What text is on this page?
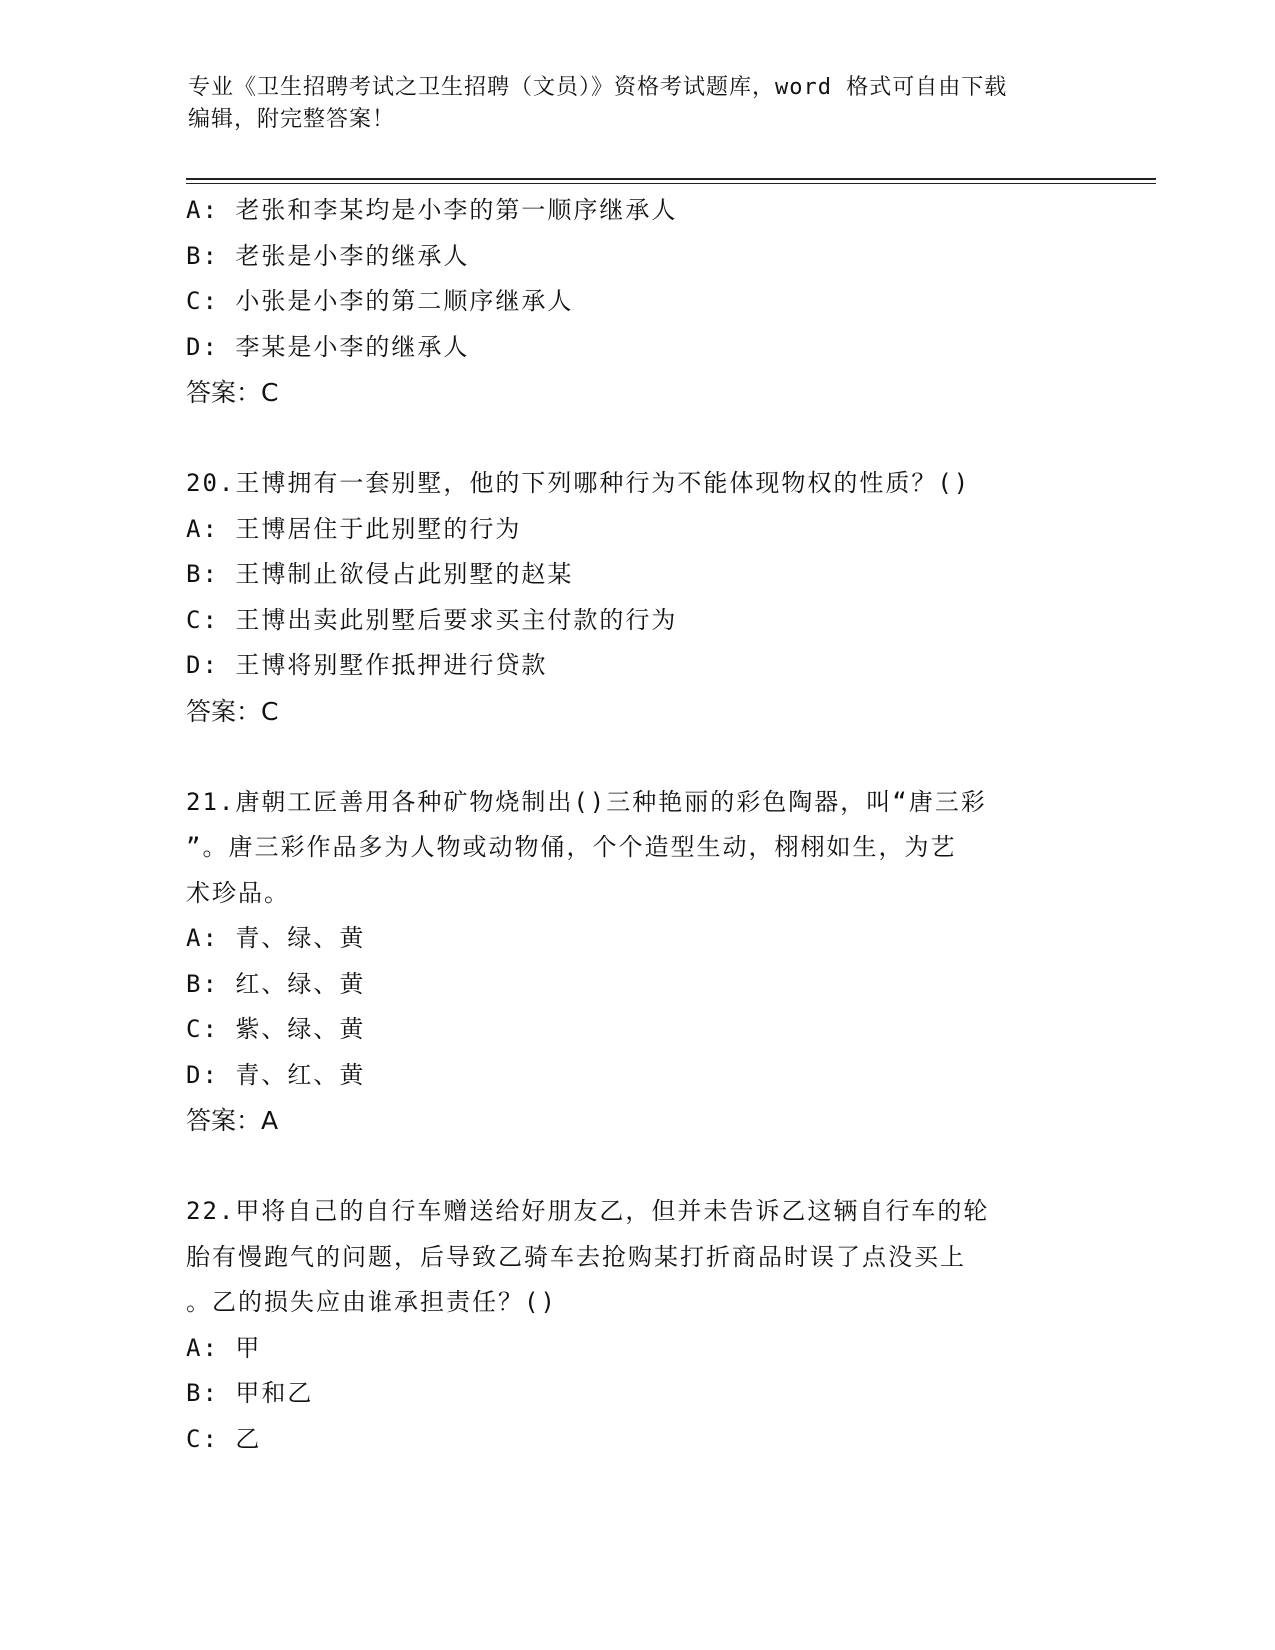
专业《卫生招聘考试之卫生招聘（文员）》资格考试题库，word 格式可自由下载
编辑，附完整答案！
A: 老张和李某均是小李的第一顺序继承人
B: 老张是小李的继承人
C: 小张是小李的第二顺序继承人
D: 李某是小李的继承人
答案：C
20.王博拥有一套别墅，他的下列哪种行为不能体现物权的性质？()
A: 王博居住于此别墅的行为
B: 王博制止欲侵占此别墅的赵某
C: 王博出卖此别墅后要求买主付款的行为
D: 王博将别墅作抵押进行贷款
答案：C
21.唐朝工匠善用各种矿物烧制出()三种艳丽的彩色陶器，叫“唐三彩
”。唐三彩作品多为人物或动物俑，个个造型生动，栩栩如生，为艺
术珍品。
A: 青、绿、黄
B: 红、绿、黄
C: 紫、绿、黄
D: 青、红、黄
答案：A
22.甲将自己的自行车赠送给好朋友乙，但并未告诉乙这辆自行车的轮
胎有慢跑气的问题，后导致乙骑车去抢购某打折商品时误了点没买上
。乙的损失应由谁承担责任？()
A: 甲
B: 甲和乙
C: 乙
